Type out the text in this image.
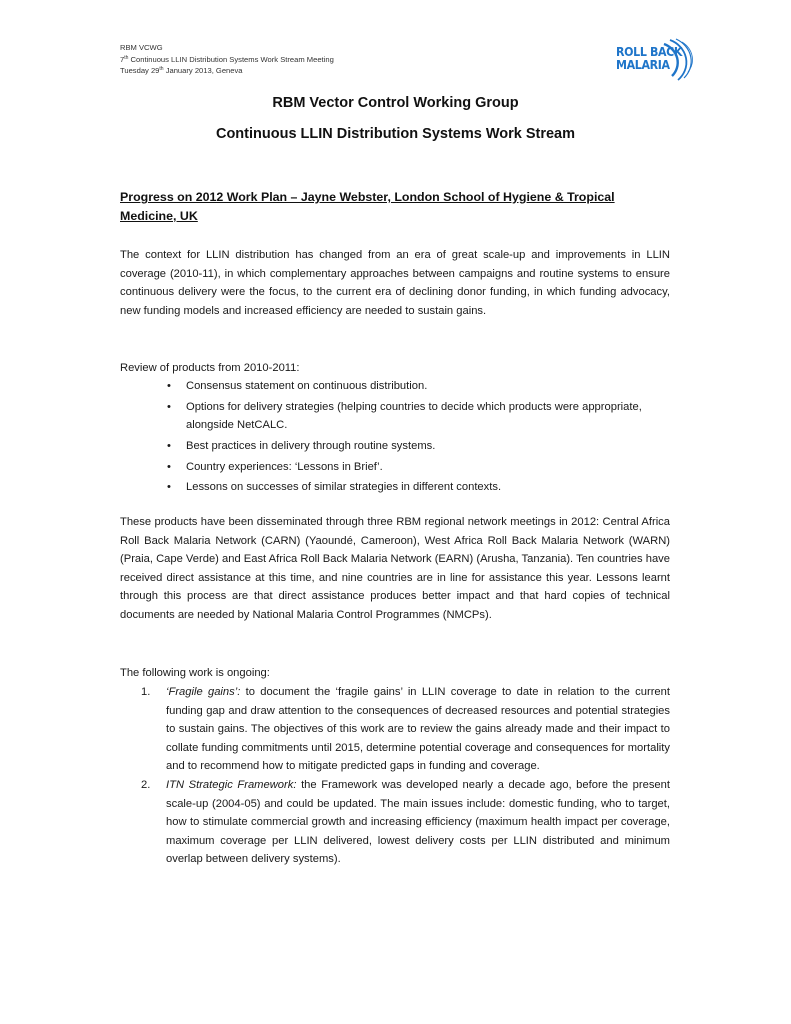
RBM VCWG
7th Continuous LLIN Distribution Systems Work Stream Meeting
Tuesday 29th January 2013, Geneva
ROLL BACK
MALARIA
RBM Vector Control Working Group
Continuous LLIN Distribution Systems Work Stream
Progress on 2012 Work Plan – Jayne Webster, London School of Hygiene & Tropical Medicine, UK
The context for LLIN distribution has changed from an era of great scale-up and improvements in LLIN coverage (2010-11), in which complementary approaches between campaigns and routine systems to ensure continuous delivery were the focus, to the current era of declining donor funding, in which funding advocacy, new funding models and increased efficiency are needed to sustain gains.
Review of products from 2010-2011:
• Consensus statement on continuous distribution.
• Options for delivery strategies (helping countries to decide which products were appropriate, alongside NetCALC.
• Best practices in delivery through routine systems.
• Country experiences: ‘Lessons in Brief’.
• Lessons on successes of similar strategies in different contexts.
These products have been disseminated through three RBM regional network meetings in 2012: Central Africa Roll Back Malaria Network (CARN) (Yaoundé, Cameroon), West Africa Roll Back Malaria Network (WARN) (Praia, Cape Verde) and East Africa Roll Back Malaria Network (EARN) (Arusha, Tanzania). Ten countries have received direct assistance at this time, and nine countries are in line for assistance this year. Lessons learnt through this process are that direct assistance produces better impact and that hard copies of technical documents are needed by National Malaria Control Programmes (NMCPs).
The following work is ongoing:
1. ‘Fragile gains’: to document the ‘fragile gains’ in LLIN coverage to date in relation to the current funding gap and draw attention to the consequences of decreased resources and potential strategies to sustain gains. The objectives of this work are to review the gains already made and their impact to collate funding commitments until 2015, determine potential coverage and consequences for mortality and to recommend how to mitigate predicted gaps in funding and coverage.
2. ITN Strategic Framework: the Framework was developed nearly a decade ago, before the present scale-up (2004-05) and could be updated. The main issues include: domestic funding, who to target, how to stimulate commercial growth and increasing efficiency (maximum health impact per coverage, maximum coverage per LLIN delivered, lowest delivery costs per LLIN distributed and minimum overlap between delivery systems).
